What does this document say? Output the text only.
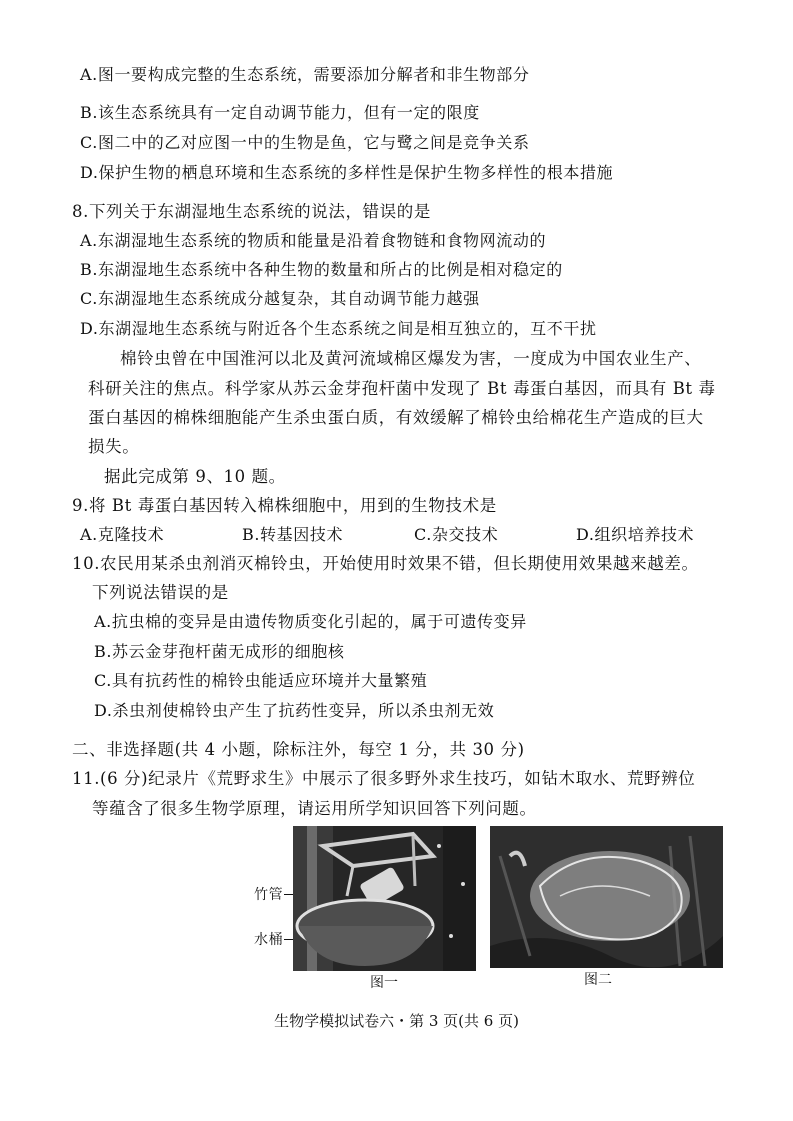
A.图一要构成完整的生态系统，需要添加分解者和非生物部分
B.该生态系统具有一定自动调节能力，但有一定的限度
C.图二中的乙对应图一中的生物是鱼，它与鹭之间是竞争关系
D.保护生物的栖息环境和生态系统的多样性是保护生物多样性的根本措施
8.下列关于东湖湿地生态系统的说法，错误的是
A.东湖湿地生态系统的物质和能量是沿着食物链和食物网流动的
B.东湖湿地生态系统中各种生物的数量和所占的比例是相对稳定的
C.东湖湿地生态系统成分越复杂，其自动调节能力越强
D.东湖湿地生态系统与附近各个生态系统之间是相互独立的，互不干扰
棉铃虫曾在中国淮河以北及黄河流域棉区爆发为害，一度成为中国农业生产、
科研关注的焦点。科学家从苏云金芽孢杆菌中发现了 Bt 毒蛋白基因，而具有 Bt 毒
蛋白基因的棉株细胞能产生杀虫蛋白质，有效缓解了棉铃虫给棉花生产造成的巨大
损失。
据此完成第 9、10 题。
9.将 Bt 毒蛋白基因转入棉株细胞中，用到的生物技术是
A.克隆技术	B.转基因技术	C.杂交技术	D.组织培养技术
10.农民用某杀虫剂消灭棉铃虫，开始使用时效果不错，但长期使用效果越来越差。
下列说法错误的是
A.抗虫棉的变异是由遗传物质变化引起的，属于可遗传变异
B.苏云金芽孢杆菌无成形的细胞核
C.具有抗药性的棉铃虫能适应环境并大量繁殖
D.杀虫剂使棉铃虫产生了抗药性变异，所以杀虫剂无效
二、非选择题(共 4 小题，除标注外，每空 1 分，共 30 分)
11.(6 分)纪录片《荒野求生》中展示了很多野外求生技巧，如钻木取水、荒野辨位
等蕴含了很多生物学原理，请运用所学知识回答下列问题。
竹管
水桶
图一	图二
生物学模拟试卷六・第 3 页(共 6 页)
